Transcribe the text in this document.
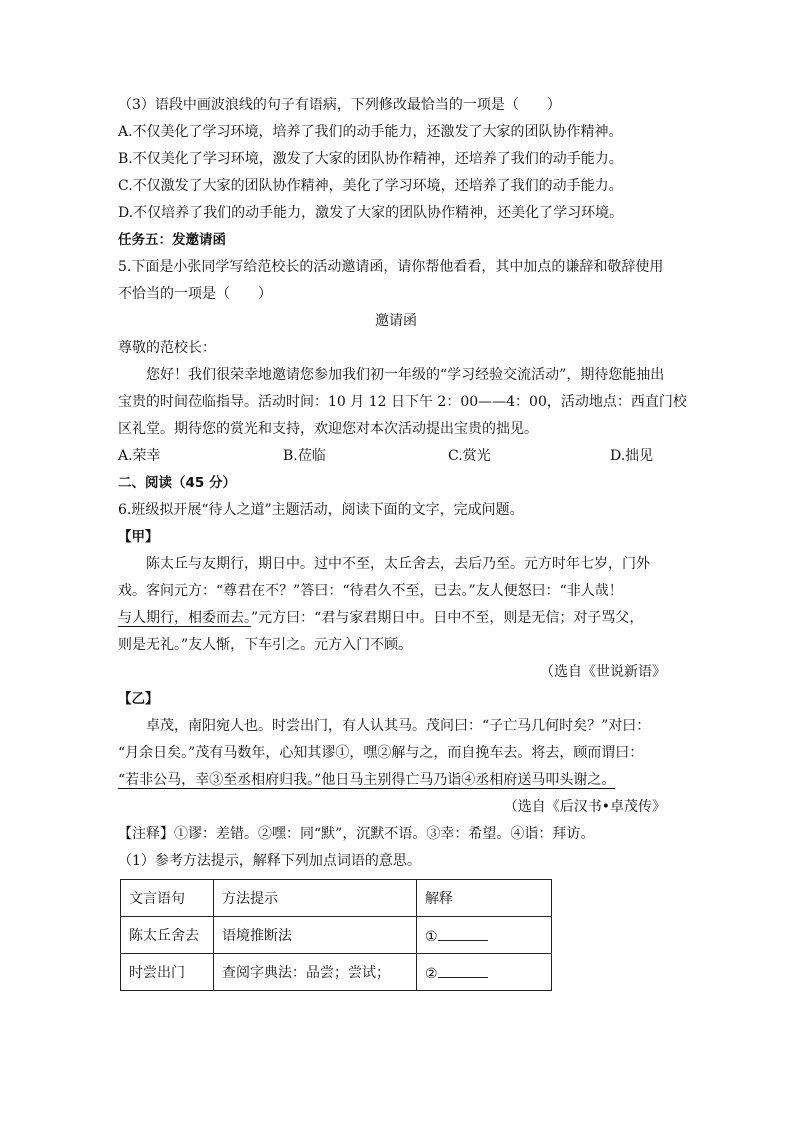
（3）语段中画波浪线的句子有语病，下列修改最恰当的一项是（　　）
A.不仅美化了学习环境，培养了我们的动手能力，还激发了大家的团队协作精神。
B.不仅美化了学习环境，激发了大家的团队协作精神，还培养了我们的动手能力。
C.不仅激发了大家的团队协作精神，美化了学习环境，还培养了我们的动手能力。
D.不仅培养了我们的动手能力，激发了大家的团队协作精神，还美化了学习环境。
任务五：发邀请函
5.下面是小张同学写给范校长的活动邀请函，请你帮他看看，其中加点的谦辞和敬辞使用
不恰当的一项是（　　）
邀请函
尊敬的范校长：
您好！我们很荣幸地邀请您参加我们初一年级的“学习经验交流活动”，期待您能抽出
宝贵的时间莅临指导。活动时间：10 月 12 日下午 2：00——4：00，活动地点：西直门校
区礼堂。期待您的赏光和支持，欢迎您对本次活动提出宝贵的拙见。
A.荣幸	B.莅临	C.赏光	D.拙见
二、阅读（45 分）
6.班级拟开展“待人之道”主题活动，阅读下面的文字，完成问题。
【甲】
陈太丘与友期行，期日中。过中不至，太丘舍去，去后乃至。元方时年七岁，门外
戏。客问元方：“尊君在不？”答曰：“待君久不至，已去。”友人便怒曰：“非人哉！
与人期行，相委而去。”元方曰：“君与家君期日中。日中不至，则是无信；对子骂父，
则是无礼。”友人惭，下车引之。元方入门不顾。
（选自《世说新语》
【乙】
卓茂，南阳宛人也。时尝出门，有人认其马。茂问曰：“子亡马几何时矣？”对曰：
“月余日矣。”茂有马数年，心知其谬①，嘿②解与之，而自挽车去。将去，顾而谓曰：
“若非公马，幸③至丞相府归我。”他日马主别得亡马乃诣④丞相府送马叩头谢之。
（选自《后汉书•卓茂传》
【注释】①谬：差错。②嘿：同“默”，沉默不语。③幸：希望。④诣：拜访。
（1）参考方法提示，解释下列加点词语的意思。
文言语句	方法提示	解释
陈太丘舍去	语境推断法	①
时尝出门	查阅字典法：品尝；尝试；	②
